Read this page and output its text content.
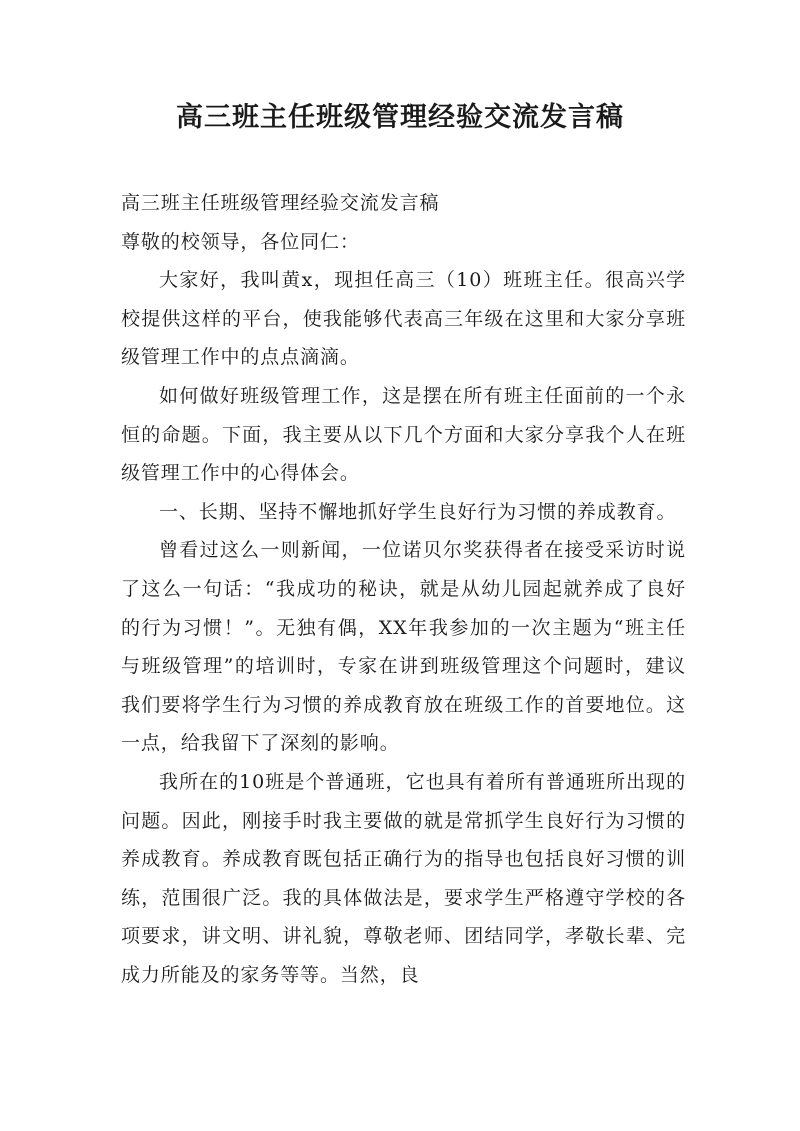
高三班主任班级管理经验交流发言稿

高三班主任班级管理经验交流发言稿

尊敬的校领导，各位同仁：

大家好，我叫黄x，现担任高三（10）班班主任。很高兴学校提供这样的平台，使我能够代表高三年级在这里和大家分享班级管理工作中的点点滴滴。

如何做好班级管理工作，这是摆在所有班主任面前的一个永恒的命题。下面，我主要从以下几个方面和大家分享我个人在班级管理工作中的心得体会。

一、长期、坚持不懈地抓好学生良好行为习惯的养成教育。

曾看过这么一则新闻，一位诺贝尔奖获得者在接受采访时说了这么一句话：“我成功的秘诀，就是从幼儿园起就养成了良好的行为习惯！”。无独有偶，XX年我参加的一次主题为“班主任与班级管理”的培训时，专家在讲到班级管理这个问题时，建议我们要将学生行为习惯的养成教育放在班级工作的首要地位。这一点，给我留下了深刻的影响。

我所在的10班是个普通班，它也具有着所有普通班所出现的问题。因此，刚接手时我主要做的就是常抓学生良好行为习惯的养成教育。养成教育既包括正确行为的指导也包括良好习惯的训练，范围很广泛。我的具体做法是，要求学生严格遵守学校的各项要求，讲文明、讲礼貌，尊敬老师、团结同学，孝敬长辈、完成力所能及的家务等等。当然，良
